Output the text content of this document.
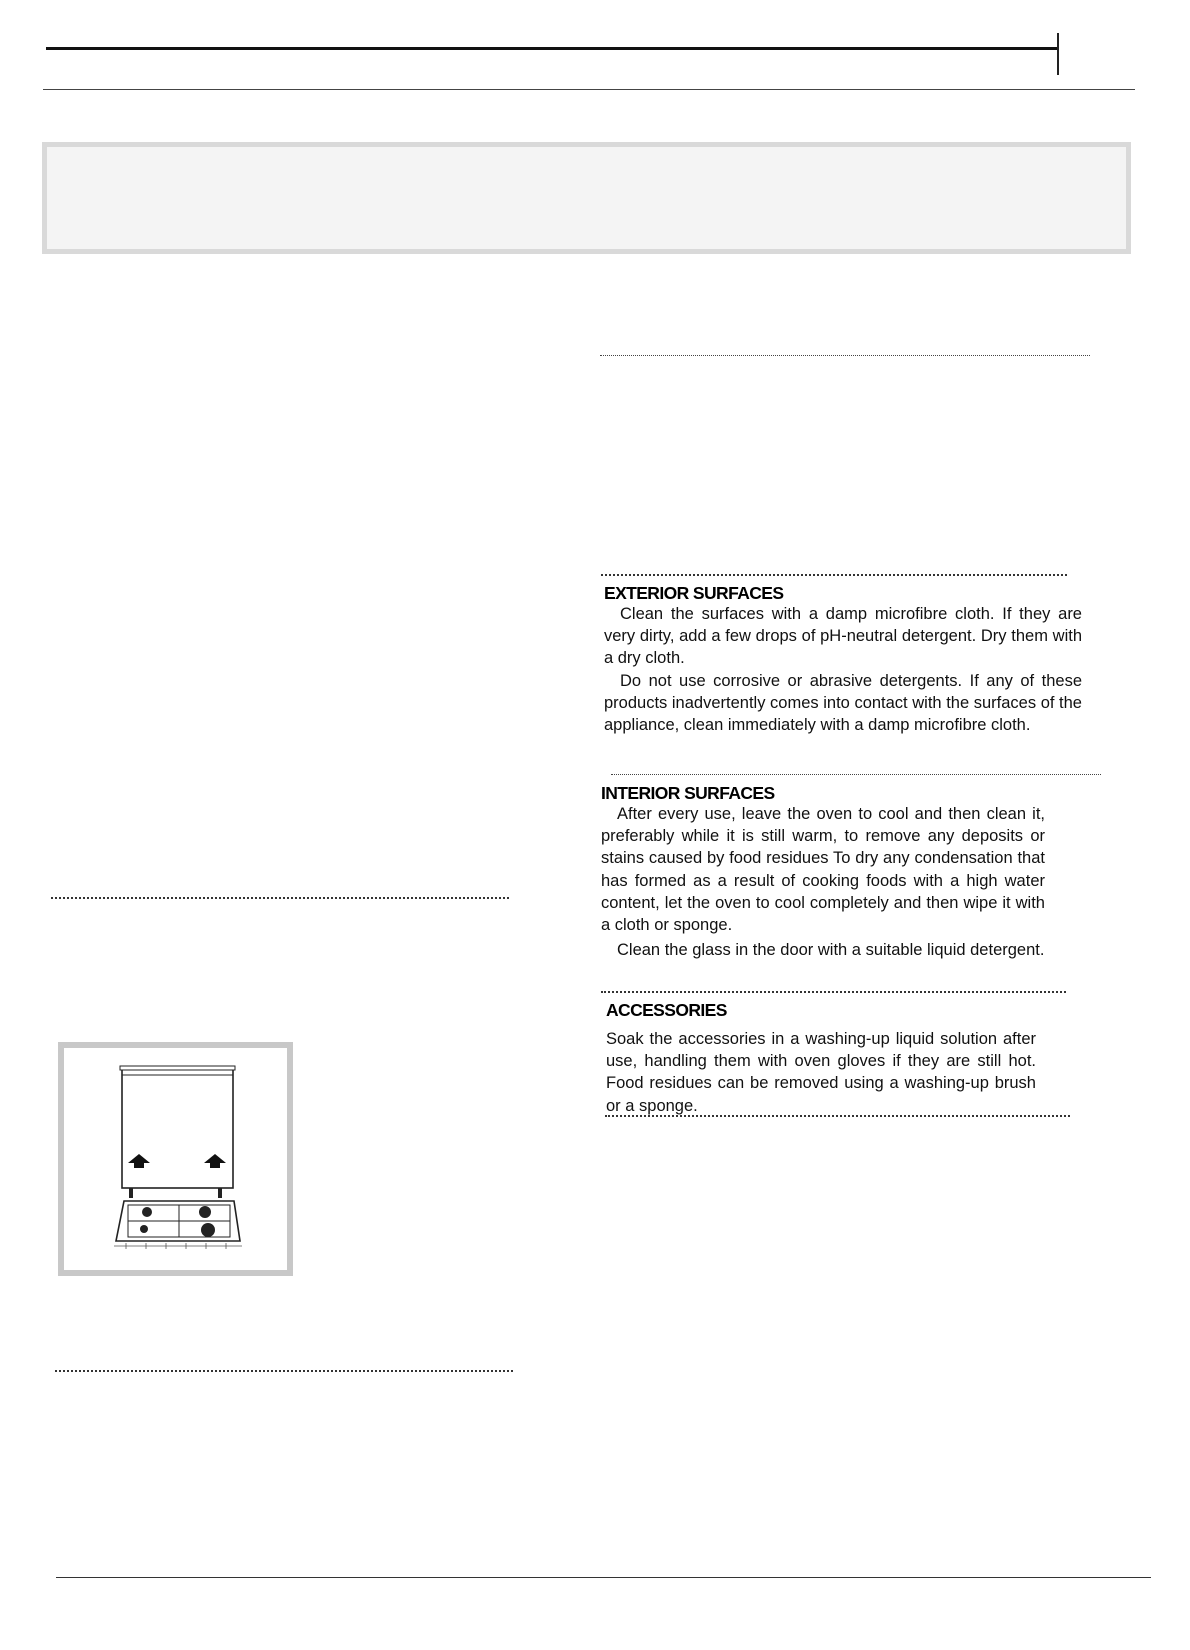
EXTERIOR SURFACES

Clean the surfaces with a damp microfibre cloth. If they are very dirty, add a few drops of pH-neutral detergent. Dry them with a dry cloth.

Do not use corrosive or abrasive detergents. If any of these products inadvertently comes into contact with the surfaces of the appliance, clean immediately with a damp microfibre cloth.

INTERIOR SURFACES

After every use, leave the oven to cool and then clean it, preferably while it is still warm, to remove any deposits or stains caused by food residues To dry any condensation that has formed as a result of cooking foods with a high water content, let the oven to cool completely and then wipe it with a cloth or sponge.

Clean the glass in the door with a suitable liquid detergent.

ACCESSORIES

Soak the accessories in a washing-up liquid solution after use, handling them with oven gloves if they are still hot. Food residues can be removed using a washing-up brush or a sponge.
